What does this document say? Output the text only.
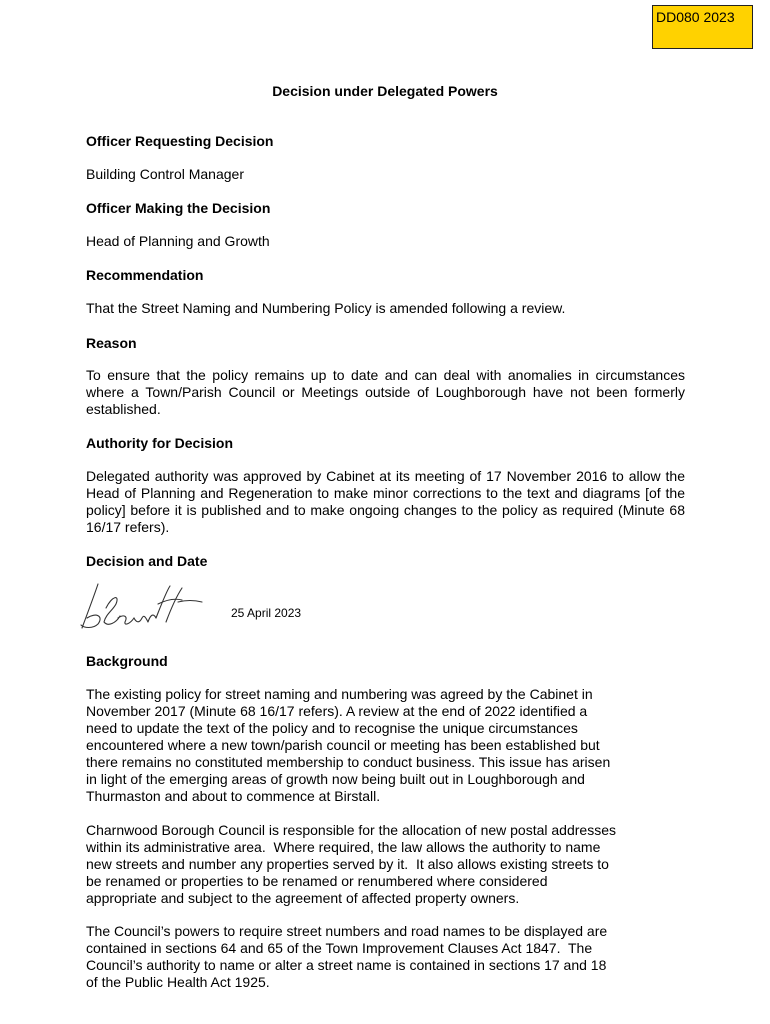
DD080 2023
Decision under Delegated Powers
Officer Requesting Decision
Building Control Manager
Officer Making the Decision
Head of Planning and Growth
Recommendation
That the Street Naming and Numbering Policy is amended following a review.
Reason
To ensure that the policy remains up to date and can deal with anomalies in circumstances where a Town/Parish Council or Meetings outside of Loughborough have not been formerly established.
Authority for Decision
Delegated authority was approved by Cabinet at its meeting of 17 November 2016 to allow the Head of Planning and Regeneration to make minor corrections to the text and diagrams [of the policy] before it is published and to make ongoing changes to the policy as required (Minute 68 16/17 refers).
Decision and Date
25 April 2023
Background
The existing policy for street naming and numbering was agreed by the Cabinet in
November 2017 (Minute 68 16/17 refers). A review at the end of 2022 identified a
need to update the text of the policy and to recognise the unique circumstances
encountered where a new town/parish council or meeting has been established but
there remains no constituted membership to conduct business. This issue has arisen
in light of the emerging areas of growth now being built out in Loughborough and
Thurmaston and about to commence at Birstall.
Charnwood Borough Council is responsible for the allocation of new postal addresses
within its administrative area.  Where required, the law allows the authority to name
new streets and number any properties served by it.  It also allows existing streets to
be renamed or properties to be renamed or renumbered where considered
appropriate and subject to the agreement of affected property owners.
The Council’s powers to require street numbers and road names to be displayed are
contained in sections 64 and 65 of the Town Improvement Clauses Act 1847.  The
Council’s authority to name or alter a street name is contained in sections 17 and 18
of the Public Health Act 1925.
